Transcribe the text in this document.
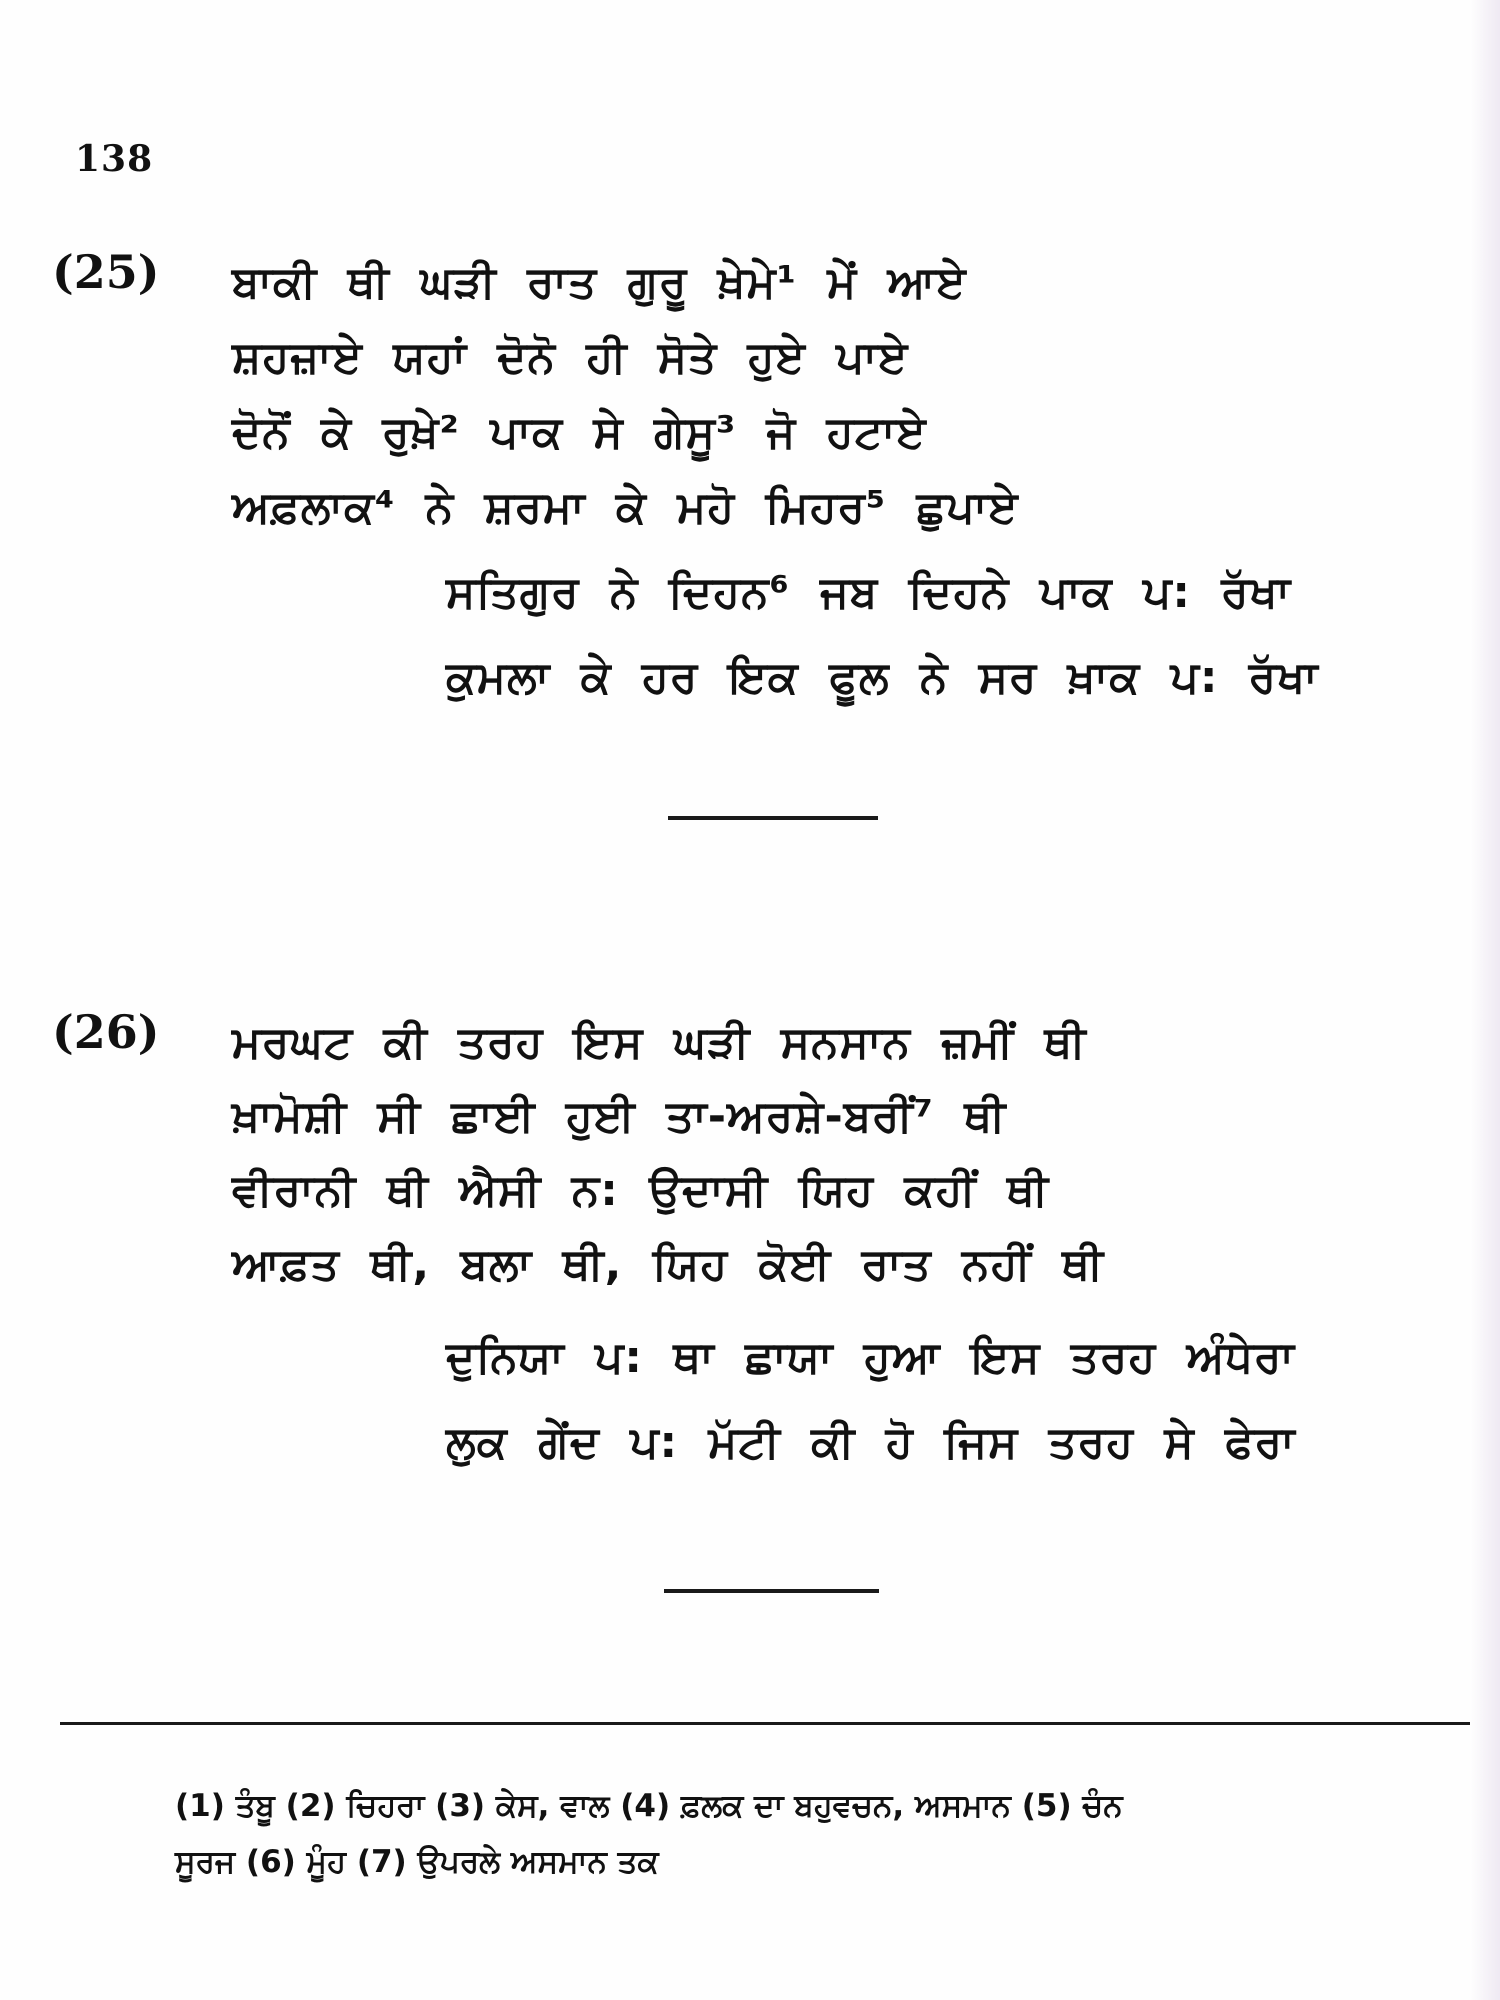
138
(25) ਬਾਕੀ ਥੀ ਘੜੀ ਰਾਤ ਗੁਰੂ ਖ਼ੇਮੇ¹ ਮੇਂ ਆਏ
ਸ਼ਹਜ਼ਾਏ ਯਹਾਂ ਦੋਨੋ ਹੀ ਸੋਤੇ ਹੁਏ ਪਾਏ
ਦੋਨੋਂ ਕੇ ਰੁਖ਼ੇ² ਪਾਕ ਸੇ ਗੇਸੂ³ ਜੋ ਹਟਾਏ
ਅਫ਼ਲਾਕ⁴ ਨੇ ਸ਼ਰਮਾ ਕੇ ਮਹੋ ਮਿਹਰ⁵ ਛੁਪਾਏ
ਸਤਿਗੁਰ ਨੇ ਦਿਹਨ⁶ ਜਬ ਦਿਹਨੇ ਪਾਕ ਪ: ਰੱਖਾ
ਕੁਮਲਾ ਕੇ ਹਰ ਇਕ ਫੂਲ ਨੇ ਸਰ ਖ਼ਾਕ ਪ: ਰੱਖਾ
(26) ਮਰਘਟ ਕੀ ਤਰਹ ਇਸ ਘੜੀ ਸਨਸਾਨ ਜ਼ਮੀਂ ਥੀ
ਖ਼ਾਮੋਸ਼ੀ ਸੀ ਛਾਈ ਹੁਈ ਤਾ-ਅਰਸ਼ੇ-ਬਰੀਂ⁷ ਥੀ
ਵੀਰਾਨੀ ਥੀ ਐਸੀ ਨ: ਉਦਾਸੀ ਯਿਹ ਕਹੀਂ ਥੀ
ਆਫ਼ਤ ਥੀ, ਬਲਾ ਥੀ, ਯਿਹ ਕੋਈ ਰਾਤ ਨਹੀਂ ਥੀ
ਦੁਨਿਯਾ ਪ: ਥਾ ਛਾਯਾ ਹੁਆ ਇਸ ਤਰਹ ਅੰਧੇਰਾ
ਲੁਕ ਗੇਂਦ ਪ: ਮੱਟੀ ਕੀ ਹੋ ਜਿਸ ਤਰਹ ਸੇ ਫੇਰਾ
(1) ਤੰਬੂ (2) ਚਿਹਰਾ (3) ਕੇਸ, ਵਾਲ (4) ਫ਼ਲਕ ਦਾ ਬਹੁਵਚਨ, ਅਸਮਾਨ (5) ਚੰਨ
ਸੂਰਜ (6) ਮੂੰਹ (7) ਉਪਰਲੇ ਅਸਮਾਨ ਤਕ
